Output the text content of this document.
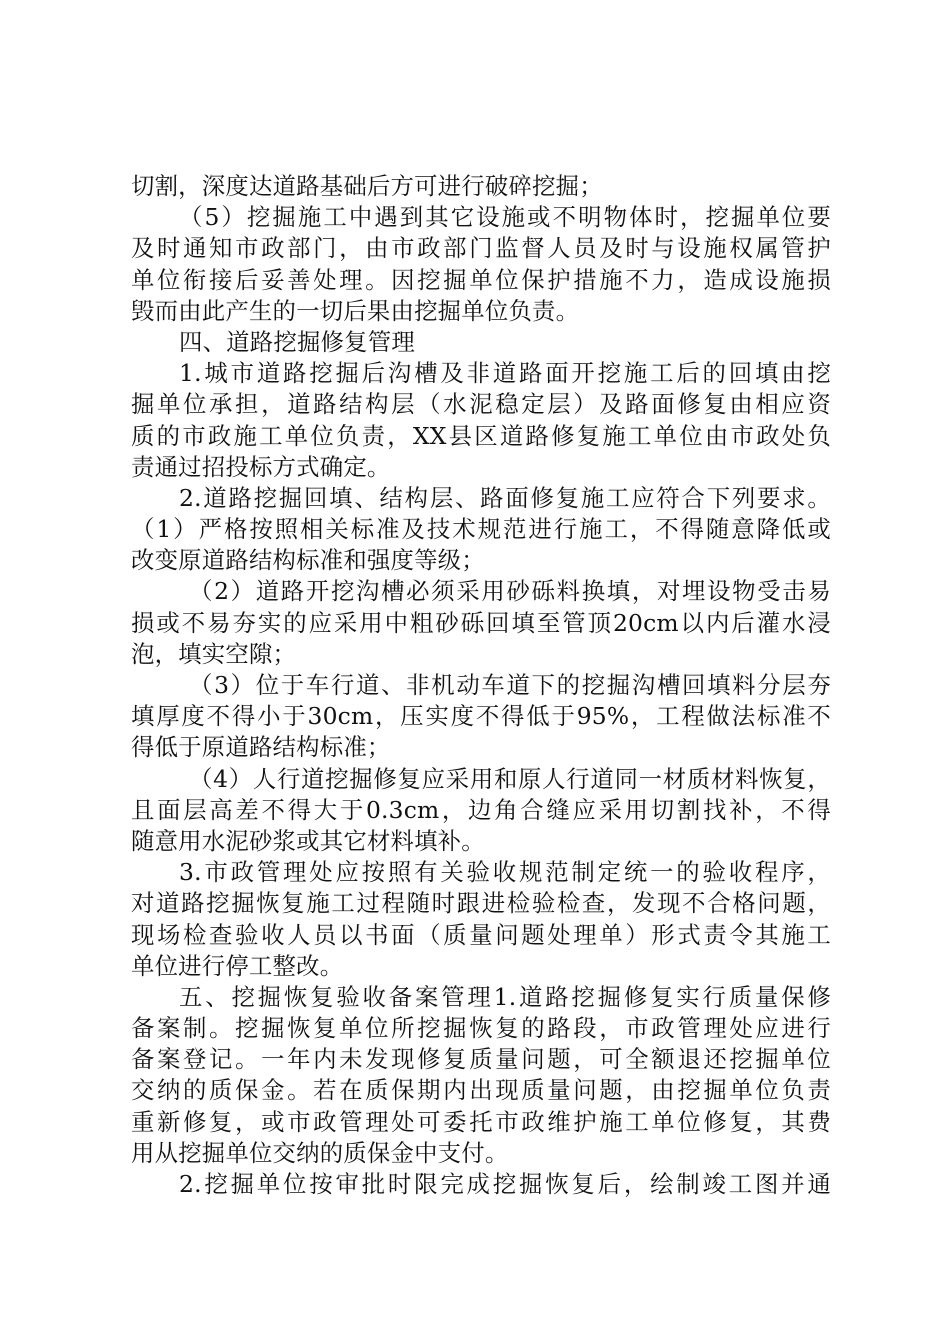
切割，深度达道路基础后方可进行破碎挖掘；
（5）挖掘施工中遇到其它设施或不明物体时，挖掘单位要
及时通知市政部门，由市政部门监督人员及时与设施权属管护
单位衔接后妥善处理。因挖掘单位保护措施不力，造成设施损
毁而由此产生的一切后果由挖掘单位负责。
四、道路挖掘修复管理
1.城市道路挖掘后沟槽及非道路面开挖施工后的回填由挖
掘单位承担，道路结构层（水泥稳定层）及路面修复由相应资
质的市政施工单位负责，XX县区道路修复施工单位由市政处负
责通过招投标方式确定。
2.道路挖掘回填、结构层、路面修复施工应符合下列要求。
（1）严格按照相关标准及技术规范进行施工，不得随意降低或
改变原道路结构标准和强度等级；
（2）道路开挖沟槽必须采用砂砾料换填，对埋设物受击易
损或不易夯实的应采用中粗砂砾回填至管顶20cm以内后灌水浸
泡，填实空隙；
（3）位于车行道、非机动车道下的挖掘沟槽回填料分层夯
填厚度不得小于30cm，压实度不得低于95%，工程做法标准不
得低于原道路结构标准；
（4）人行道挖掘修复应采用和原人行道同一材质材料恢复，
且面层高差不得大于0.3cm，边角合缝应采用切割找补，不得
随意用水泥砂浆或其它材料填补。
3.市政管理处应按照有关验收规范制定统一的验收程序，
对道路挖掘恢复施工过程随时跟进检验检查，发现不合格问题，
现场检查验收人员以书面（质量问题处理单）形式责令其施工
单位进行停工整改。
五、挖掘恢复验收备案管理1.道路挖掘修复实行质量保修
备案制。挖掘恢复单位所挖掘恢复的路段，市政管理处应进行
备案登记。一年内未发现修复质量问题，可全额退还挖掘单位
交纳的质保金。若在质保期内出现质量问题，由挖掘单位负责
重新修复，或市政管理处可委托市政维护施工单位修复，其费
用从挖掘单位交纳的质保金中支付。
2.挖掘单位按审批时限完成挖掘恢复后，绘制竣工图并通
